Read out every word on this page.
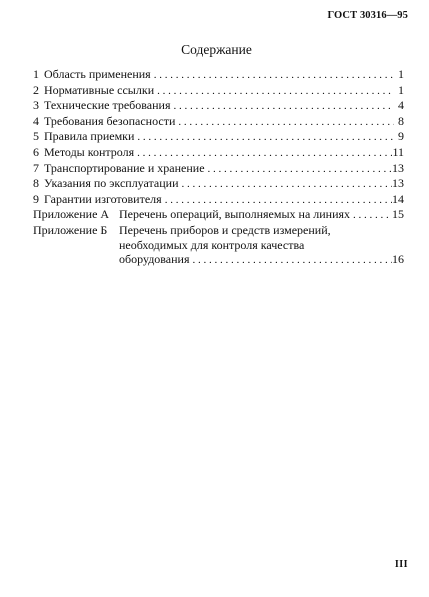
ГОСТ 30316—95
Содержание
1 Область применения . . .	1
2 Нормативные ссылки . . .	1
3 Технические требования . . .	4
4 Требования безопасности . . .	8
5 Правила приемки . . .	9
6 Методы контроля . . .	11
7 Транспортирование и хранение . . .	13
8 Указания по эксплуатации . . .	13
9 Гарантии изготовителя . . .	14
Приложение А Перечень операций, выполняемых на линиях . . .	15
Приложение Б Перечень приборов и средств измерений,
необходимых для контроля качества
оборудования . . .	16
III
